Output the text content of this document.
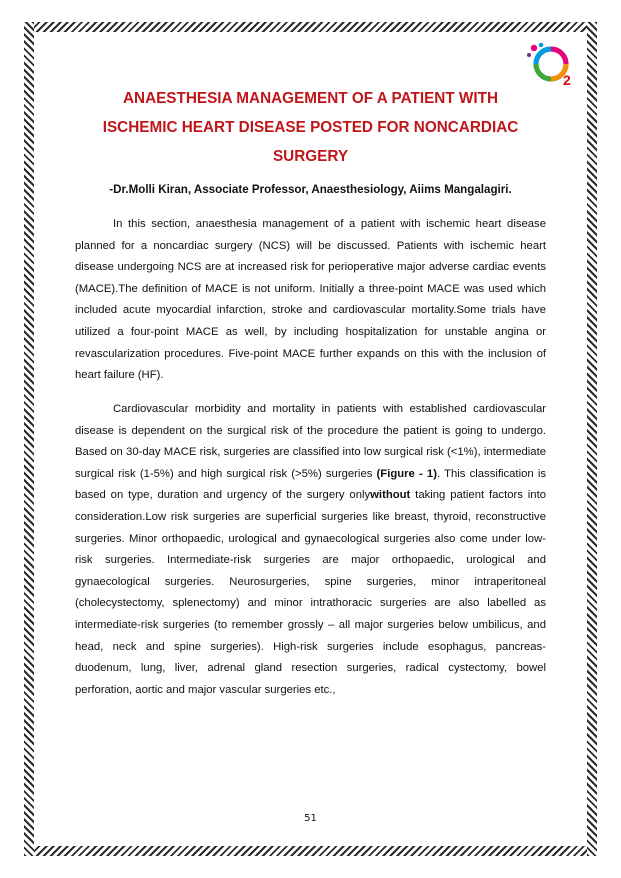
2
ANAESTHESIA MANAGEMENT OF A PATIENT WITH
ISCHEMIC HEART DISEASE POSTED FOR NONCARDIAC
SURGERY

-Dr.Molli Kiran, Associate Professor, Anaesthesiology, Aiims Mangalagiri.

In this section, anaesthesia management of a patient with ischemic heart disease planned for a noncardiac surgery (NCS) will be discussed. Patients with ischemic heart disease undergoing NCS are at increased risk for perioperative major adverse cardiac events (MACE).The definition of MACE is not uniform. Initially a three-point MACE was used which included acute myocardial infarction, stroke and cardiovascular mortality.Some trials have utilized a four-point MACE as well, by including hospitalization for unstable angina or revascularization procedures. Five-point MACE further expands on this with the inclusion of heart failure (HF).

Cardiovascular morbidity and mortality in patients with established cardiovascular disease is dependent on the surgical risk of the procedure the patient is going to undergo. Based on 30-day MACE risk, surgeries are classified into low surgical risk (<1%), intermediate surgical risk (1-5%) and high surgical risk (>5%) surgeries (Figure - 1). This classification is based on type, duration and urgency of the surgery onlywithout taking patient factors into consideration.Low risk surgeries are superficial surgeries like breast, thyroid, reconstructive surgeries. Minor orthopaedic, urological and gynaecological surgeries also come under low-risk surgeries. Intermediate-risk surgeries are major orthopaedic, urological and gynaecological surgeries. Neurosurgeries, spine surgeries, minor intraperitoneal (cholecystectomy, splenectomy) and minor intrathoracic surgeries are also labelled as intermediate-risk surgeries (to remember grossly – all major surgeries below umbilicus, and head, neck and spine surgeries). High-risk surgeries include esophagus, pancreas-duodenum, lung, liver, adrenal gland resection surgeries, radical cystectomy, bowel perforation, aortic and major vascular surgeries etc.,

51
